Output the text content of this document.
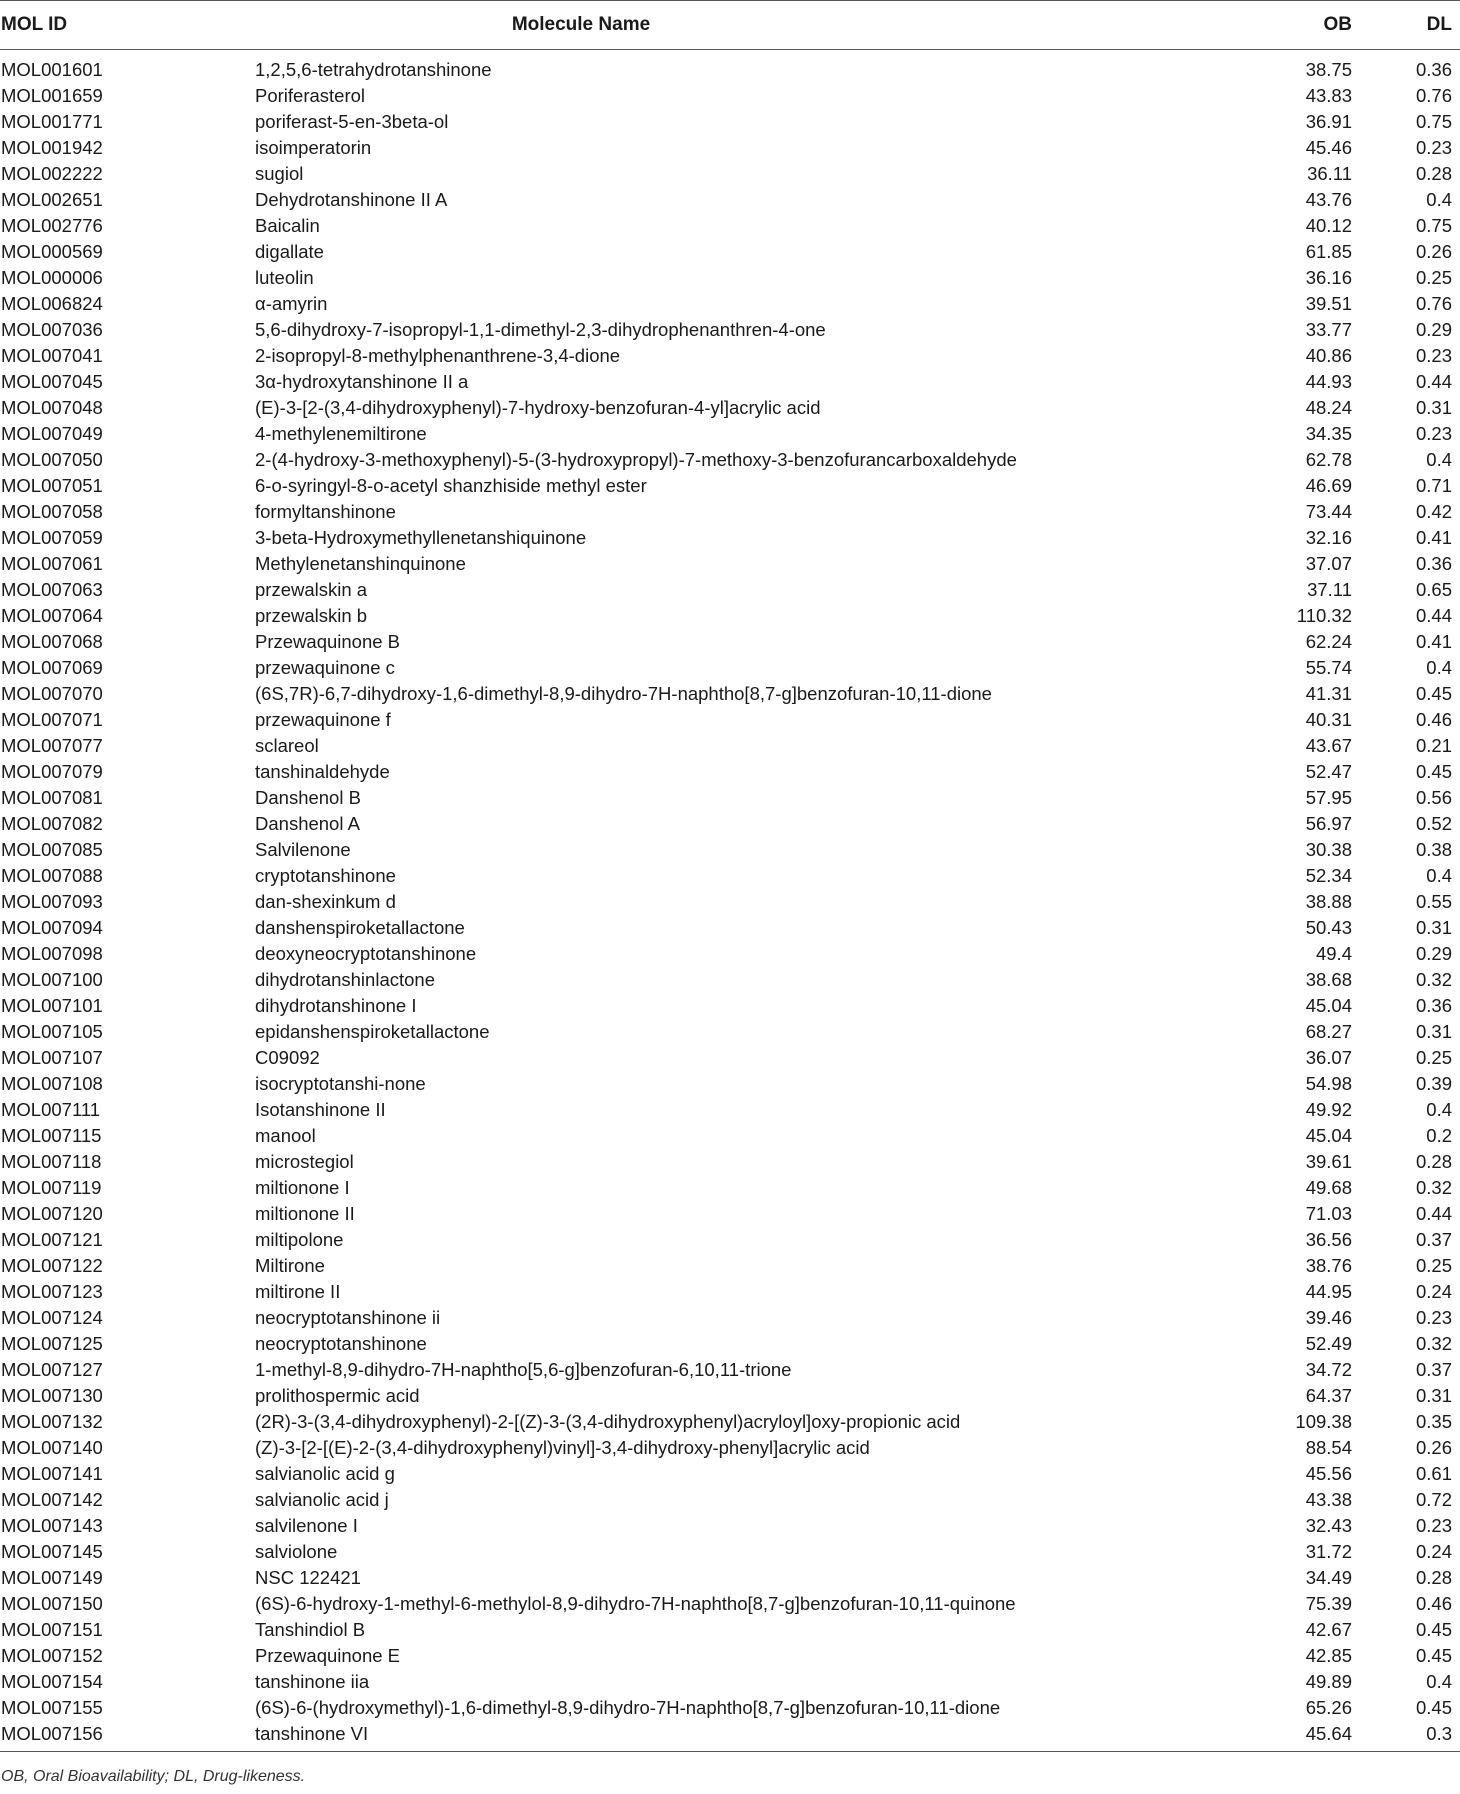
MOL ID	Molecule Name	OB	DL

MOL001601	1,2,5,6-tetrahydrotanshinone	38.75	0.36
MOL001659	Poriferasterol	43.83	0.76
MOL001771	poriferast-5-en-3beta-ol	36.91	0.75
MOL001942	isoimperatorin	45.46	0.23
MOL002222	sugiol	36.11	0.28
MOL002651	Dehydrotanshinone II A	43.76	0.4
MOL002776	Baicalin	40.12	0.75
MOL000569	digallate	61.85	0.26
MOL000006	luteolin	36.16	0.25
MOL006824	α-amyrin	39.51	0.76
MOL007036	5,6-dihydroxy-7-isopropyl-1,1-dimethyl-2,3-dihydrophenanthren-4-one	33.77	0.29
MOL007041	2-isopropyl-8-methylphenanthrene-3,4-dione	40.86	0.23
MOL007045	3α-hydroxytanshinone II a	44.93	0.44
MOL007048	(E)-3-[2-(3,4-dihydroxyphenyl)-7-hydroxy-benzofuran-4-yl]acrylic acid	48.24	0.31
MOL007049	4-methylenemiltirone	34.35	0.23
MOL007050	2-(4-hydroxy-3-methoxyphenyl)-5-(3-hydroxypropyl)-7-methoxy-3-benzofurancarboxaldehyde	62.78	0.4
MOL007051	6-o-syringyl-8-o-acetyl shanzhiside methyl ester	46.69	0.71
MOL007058	formyltanshinone	73.44	0.42
MOL007059	3-beta-Hydroxymethyllenetanshiquinone	32.16	0.41
MOL007061	Methylenetanshinquinone	37.07	0.36
MOL007063	przewalskin a	37.11	0.65
MOL007064	przewalskin b	110.32	0.44
MOL007068	Przewaquinone B	62.24	0.41
MOL007069	przewaquinone c	55.74	0.4
MOL007070	(6S,7R)-6,7-dihydroxy-1,6-dimethyl-8,9-dihydro-7H-naphtho[8,7-g]benzofuran-10,11-dione	41.31	0.45
MOL007071	przewaquinone f	40.31	0.46
MOL007077	sclareol	43.67	0.21
MOL007079	tanshinaldehyde	52.47	0.45
MOL007081	Danshenol B	57.95	0.56
MOL007082	Danshenol A	56.97	0.52
MOL007085	Salvilenone	30.38	0.38
MOL007088	cryptotanshinone	52.34	0.4
MOL007093	dan-shexinkum d	38.88	0.55
MOL007094	danshenspiroketallactone	50.43	0.31
MOL007098	deoxyneocryptotanshinone	49.4	0.29
MOL007100	dihydrotanshinlactone	38.68	0.32
MOL007101	dihydrotanshinone I	45.04	0.36
MOL007105	epidanshenspiroketallactone	68.27	0.31
MOL007107	C09092	36.07	0.25
MOL007108	isocryptotanshi-none	54.98	0.39
MOL007111	Isotanshinone II	49.92	0.4
MOL007115	manool	45.04	0.2
MOL007118	microstegiol	39.61	0.28
MOL007119	miltionone I	49.68	0.32
MOL007120	miltionone II	71.03	0.44
MOL007121	miltipolone	36.56	0.37
MOL007122	Miltirone	38.76	0.25
MOL007123	miltirone II	44.95	0.24
MOL007124	neocryptotanshinone ii	39.46	0.23
MOL007125	neocryptotanshinone	52.49	0.32
MOL007127	1-methyl-8,9-dihydro-7H-naphtho[5,6-g]benzofuran-6,10,11-trione	34.72	0.37
MOL007130	prolithospermic acid	64.37	0.31
MOL007132	(2R)-3-(3,4-dihydroxyphenyl)-2-[(Z)-3-(3,4-dihydroxyphenyl)acryloyl]oxy-propionic acid	109.38	0.35
MOL007140	(Z)-3-[2-[(E)-2-(3,4-dihydroxyphenyl)vinyl]-3,4-dihydroxy-phenyl]acrylic acid	88.54	0.26
MOL007141	salvianolic acid g	45.56	0.61
MOL007142	salvianolic acid j	43.38	0.72
MOL007143	salvilenone I	32.43	0.23
MOL007145	salviolone	31.72	0.24
MOL007149	NSC 122421	34.49	0.28
MOL007150	(6S)-6-hydroxy-1-methyl-6-methylol-8,9-dihydro-7H-naphtho[8,7-g]benzofuran-10,11-quinone	75.39	0.46
MOL007151	Tanshindiol B	42.67	0.45
MOL007152	Przewaquinone E	42.85	0.45
MOL007154	tanshinone iia	49.89	0.4
MOL007155	(6S)-6-(hydroxymethyl)-1,6-dimethyl-8,9-dihydro-7H-naphtho[8,7-g]benzofuran-10,11-dione	65.26	0.45
MOL007156	tanshinone VI	45.64	0.3
OB, Oral Bioavailability; DL, Drug-likeness.
